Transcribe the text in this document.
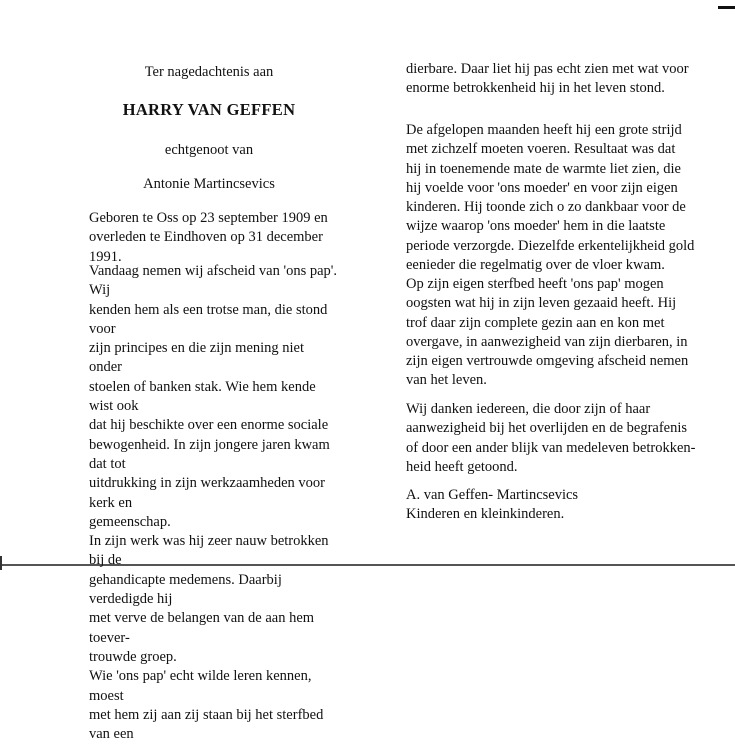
Ter nagedachtenis aan
HARRY VAN GEFFEN
echtgenoot van
Antonie Martincsevics
Geboren te Oss op 23 september 1909 en
overleden te Eindhoven op 31 december 1991.
Vandaag nemen wij afscheid van 'ons pap'. Wij
kenden hem als een trotse man, die stond voor
zijn principes en die zijn mening niet onder
stoelen of banken stak. Wie hem kende wist ook
dat hij beschikte over een enorme sociale
bewogenheid. In zijn jongere jaren kwam dat tot
uitdrukking in zijn werkzaamheden voor kerk en
gemeenschap.
In zijn werk was hij zeer nauw betrokken bij de
gehandicapte medemens. Daarbij verdedigde hij
met verve de belangen van de aan hem toever-
trouwde groep.
Wie 'ons pap' echt wilde leren kennen, moest
met hem zij aan zij staan bij het sterfbed van een
dierbare. Daar liet hij pas echt zien met wat voor
enorme betrokkenheid hij in het leven stond.
De afgelopen maanden heeft hij een grote strijd
met zichzelf moeten voeren. Resultaat was dat
hij in toenemende mate de warmte liet zien, die
hij voelde voor 'ons moeder' en voor zijn eigen
kinderen. Hij toonde zich o zo dankbaar voor de
wijze waarop 'ons moeder' hem in die laatste
periode verzorgde. Diezelfde erkentelijkheid gold
eenieder die regelmatig over de vloer kwam.
Op zijn eigen sterfbed heeft 'ons pap' mogen
oogsten wat hij in zijn leven gezaaid heeft. Hij
trof daar zijn complete gezin aan en kon met
overgave, in aanwezigheid van zijn dierbaren, in
zijn eigen vertrouwde omgeving afscheid nemen
van het leven.
Wij danken iedereen, die door zijn of haar
aanwezigheid bij het overlijden en de begrafenis
of door een ander blijk van medeleven betrokken-
heid heeft getoond.
A. van Geffen- Martincsevics
Kinderen en kleinkinderen.
